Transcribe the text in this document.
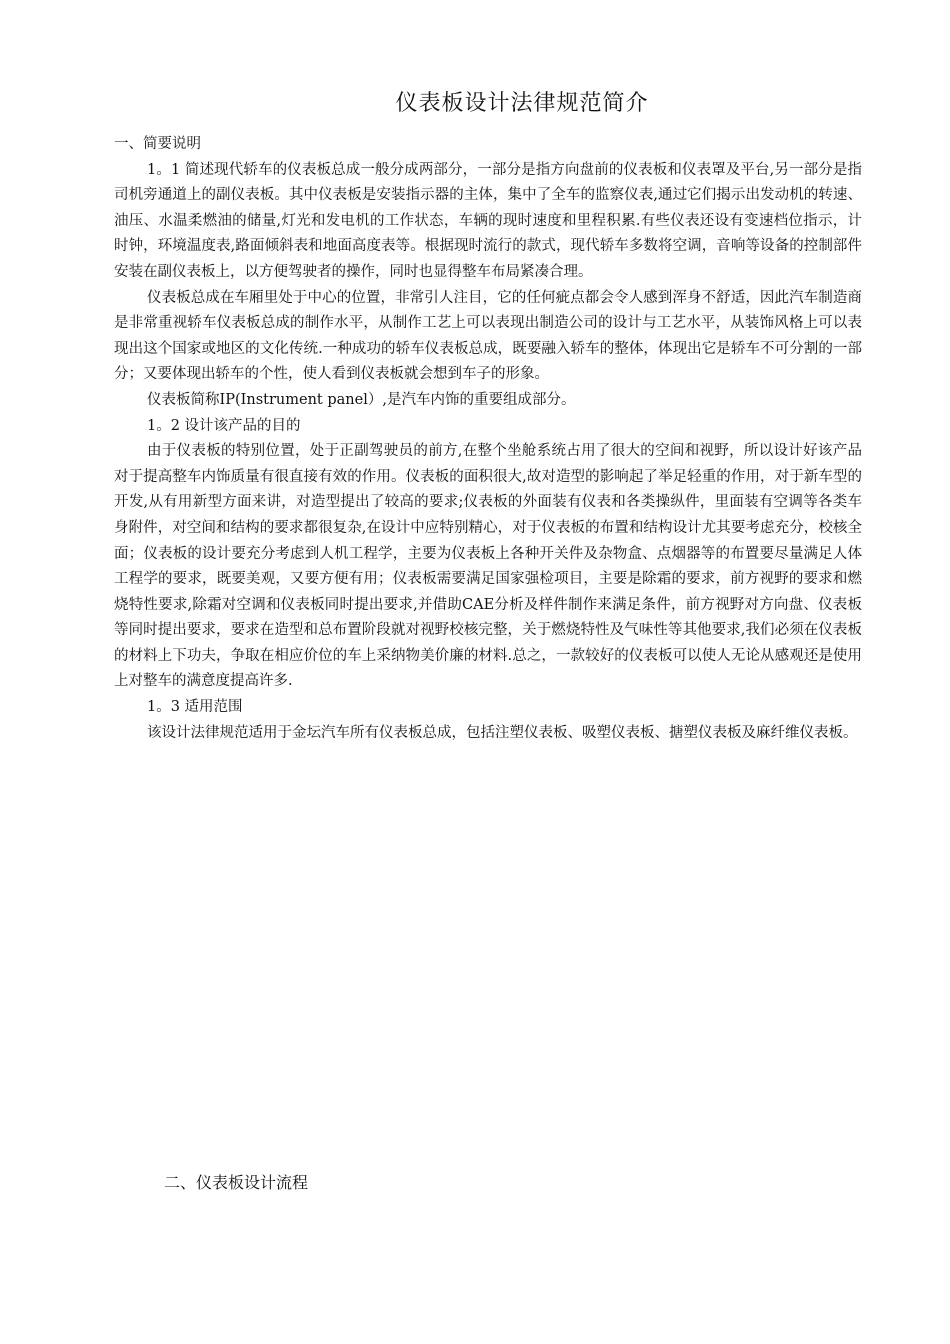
仪表板设计法律规范简介

一、简要说明

1。1 简述现代轿车的仪表板总成一般分成两部分，一部分是指方向盘前的仪表板和仪表罩及平台,另一部分是指司机旁通道上的副仪表板。其中仪表板是安装指示器的主体，集中了全车的监察仪表,通过它们揭示出发动机的转速、油压、水温柔燃油的储量,灯光和发电机的工作状态，车辆的现时速度和里程积累.有些仪表还设有变速档位指示，计时钟，环境温度表,路面倾斜表和地面高度表等。根据现时流行的款式，现代轿车多数将空调，音响等设备的控制部件安装在副仪表板上，以方便驾驶者的操作，同时也显得整车布局紧凑合理。

仪表板总成在车厢里处于中心的位置，非常引人注目，它的任何疵点都会令人感到浑身不舒适，因此汽车制造商是非常重视轿车仪表板总成的制作水平，从制作工艺上可以表现出制造公司的设计与工艺水平，从装饰风格上可以表现出这个国家或地区的文化传统.一种成功的轿车仪表板总成，既要融入轿车的整体，体现出它是轿车不可分割的一部分；又要体现出轿车的个性，使人看到仪表板就会想到车子的形象。

仪表板简称IP(Instrument panel）,是汽车内饰的重要组成部分。

1。2 设计该产品的目的

由于仪表板的特别位置，处于正副驾驶员的前方,在整个坐舱系统占用了很大的空间和视野，所以设计好该产品对于提高整车内饰质量有很直接有效的作用。仪表板的面积很大,故对造型的影响起了举足轻重的作用，对于新车型的开发,从有用新型方面来讲，对造型提出了较高的要求;仪表板的外面装有仪表和各类操纵件，里面装有空调等各类车身附件，对空间和结构的要求都很复杂,在设计中应特别精心，对于仪表板的布置和结构设计尤其要考虑充分，校核全面；仪表板的设计要充分考虑到人机工程学，主要为仪表板上各种开关件及杂物盒、点烟器等的布置要尽量满足人体工程学的要求，既要美观，又要方便有用；仪表板需要满足国家强检项目，主要是除霜的要求，前方视野的要求和燃烧特性要求,除霜对空调和仪表板同时提出要求,并借助CAE分析及样件制作来满足条件，前方视野对方向盘、仪表板等同时提出要求，要求在造型和总布置阶段就对视野校核完整，关于燃烧特性及气味性等其他要求,我们必须在仪表板的材料上下功夫，争取在相应价位的车上采纳物美价廉的材料.总之，一款较好的仪表板可以使人无论从感观还是使用上对整车的满意度提高许多.

1。3 适用范围

该设计法律规范适用于金坛汽车所有仪表板总成，包括注塑仪表板、吸塑仪表板、搪塑仪表板及麻纤维仪表板。

二、仪表板设计流程
